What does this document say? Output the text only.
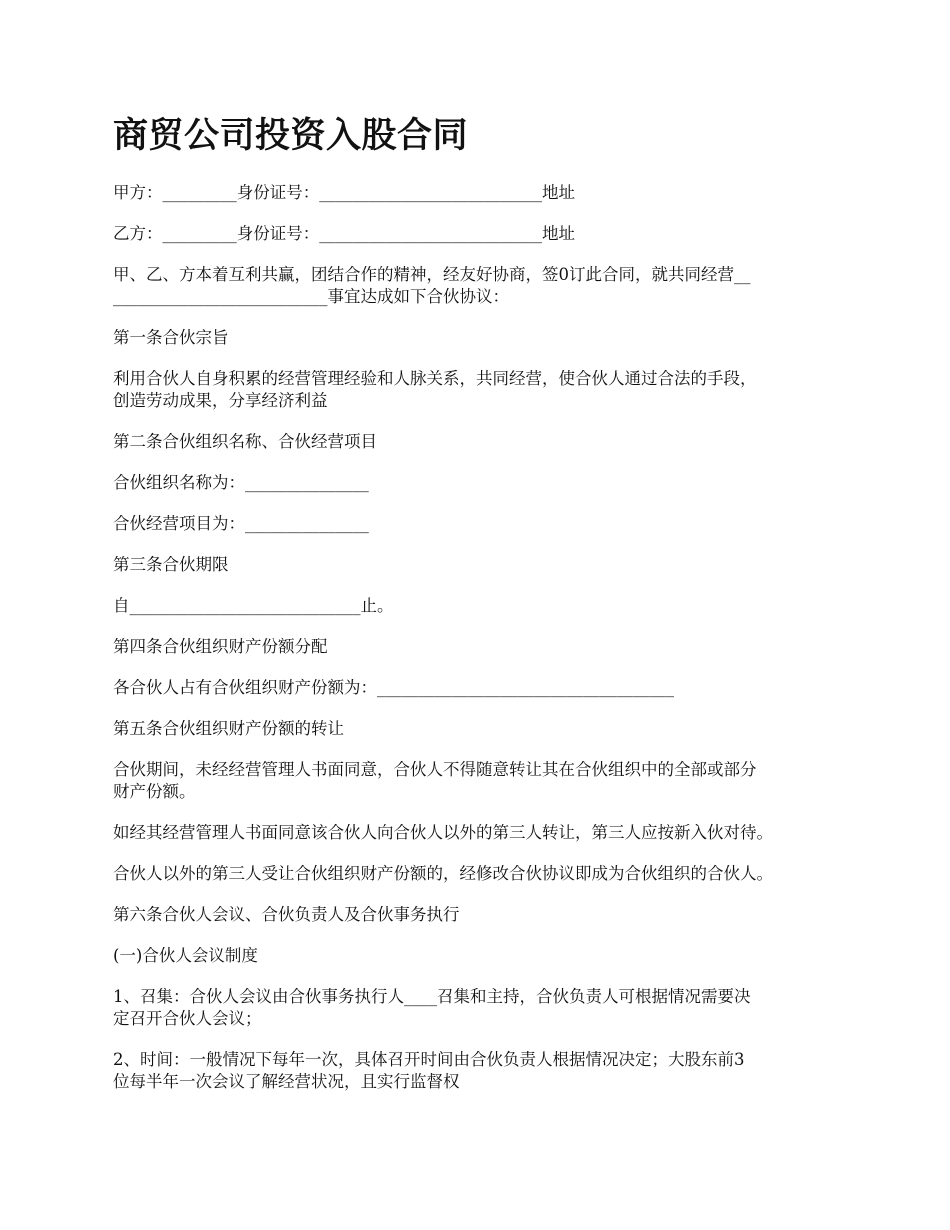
商贸公司投资入股合同

甲方：_________身份证号：___________________________地址

乙方：_________身份证号：___________________________地址

甲、乙、方本着互利共赢，团结合作的精神，经友好协商，签0订此合同，就共同经营__
__________________________事宜达成如下合伙协议：

第一条合伙宗旨

利用合伙人自身积累的经营管理经验和人脉关系，共同经营，使合伙人通过合法的手段，
创造劳动成果，分享经济利益

第二条合伙组织名称、合伙经营项目

合伙组织名称为：_______________

合伙经营项目为：_______________

第三条合伙期限

自____________________________止。

第四条合伙组织财产份额分配

各合伙人占有合伙组织财产份额为：____________________________________

第五条合伙组织财产份额的转让

合伙期间，未经经营管理人书面同意，合伙人不得随意转让其在合伙组织中的全部或部分
财产份额。

如经其经营管理人书面同意该合伙人向合伙人以外的第三人转让，第三人应按新入伙对待。

合伙人以外的第三人受让合伙组织财产份额的，经修改合伙协议即成为合伙组织的合伙人。

第六条合伙人会议、合伙负责人及合伙事务执行

(一)合伙人会议制度

1、召集：合伙人会议由合伙事务执行人____召集和主持，合伙负责人可根据情况需要决
定召开合伙人会议；

2、时间：一般情况下每年一次，具体召开时间由合伙负责人根据情况决定；大股东前3
位每半年一次会议了解经营状况，且实行监督权
